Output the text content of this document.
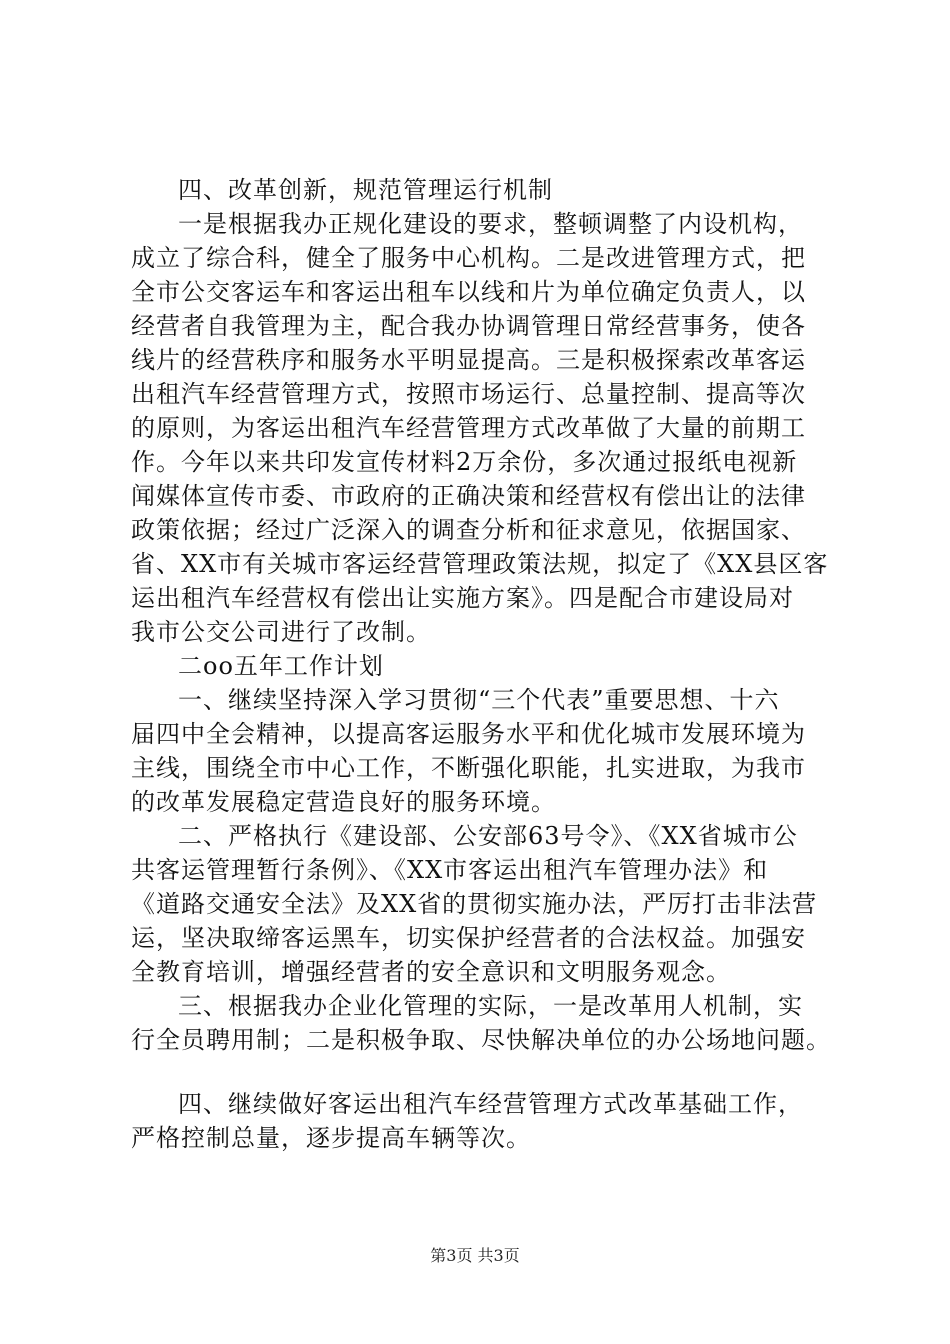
四、改革创新，规范管理运行机制
一是根据我办正规化建设的要求，整顿调整了内设机构，
成立了综合科，健全了服务中心机构。二是改进管理方式，把
全市公交客运车和客运出租车以线和片为单位确定负责人，以
经营者自我管理为主，配合我办协调管理日常经营事务，使各
线片的经营秩序和服务水平明显提高。三是积极探索改革客运
出租汽车经营管理方式，按照市场运行、总量控制、提高等次
的原则，为客运出租汽车经营管理方式改革做了大量的前期工
作。今年以来共印发宣传材料2万余份，多次通过报纸电视新
闻媒体宣传市委、市政府的正确决策和经营权有偿出让的法律
政策依据；经过广泛深入的调查分析和征求意见，依据国家、
省、XX市有关城市客运经营管理政策法规，拟定了《XX县区客
运出租汽车经营权有偿出让实施方案》。四是配合市建设局对
我市公交公司进行了改制。
二oo五年工作计划
一、继续坚持深入学习贯彻“三个代表”重要思想、十六
届四中全会精神，以提高客运服务水平和优化城市发展环境为
主线，围绕全市中心工作，不断强化职能，扎实进取，为我市
的改革发展稳定营造良好的服务环境。
二、严格执行《建设部、公安部63号令》、《XX省城市公
共客运管理暂行条例》、《XX市客运出租汽车管理办法》和
《道路交通安全法》及XX省的贯彻实施办法，严厉打击非法营
运，坚决取缔客运黑车，切实保护经营者的合法权益。加强安
全教育培训，增强经营者的安全意识和文明服务观念。
三、根据我办企业化管理的实际，一是改革用人机制，实
行全员聘用制；二是积极争取、尽快解决单位的办公场地问题。
四、继续做好客运出租汽车经营管理方式改革基础工作，
严格控制总量，逐步提高车辆等次。
第3页 共3页
